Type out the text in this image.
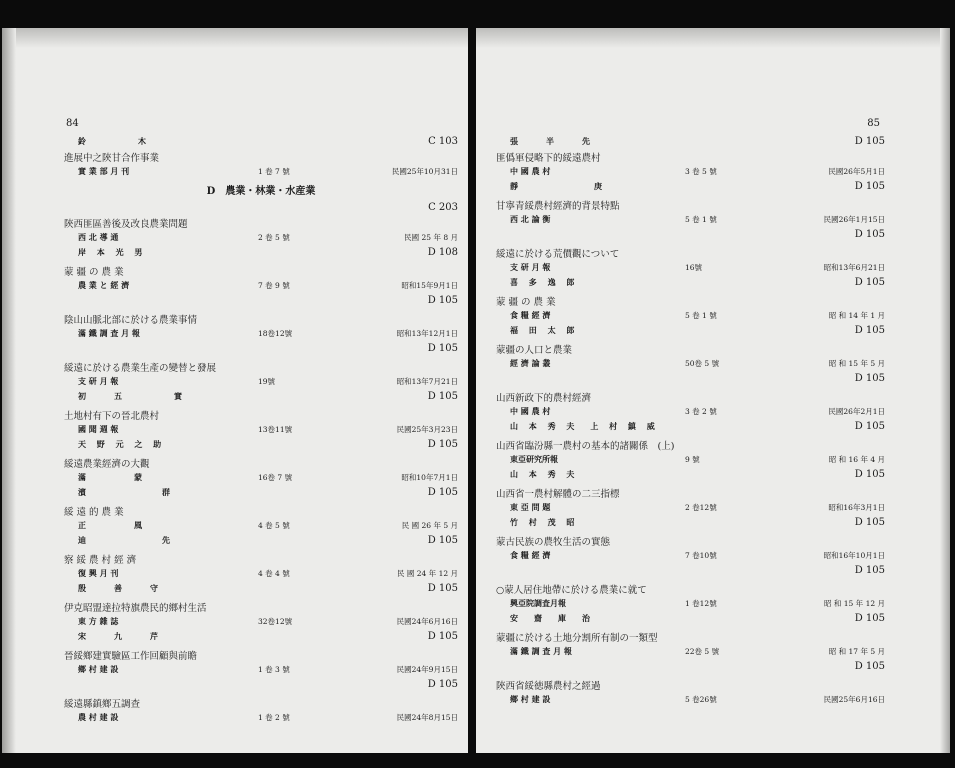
84
鈴　　　　木	C 103
進展中之陝甘合作事業
實 業 部 月 刊	1 卷 7 號	民國25年10月31日
D　農業・林業・水産業
C 203
陝西匪區善後及改良農業問題
西 北 導 通	2 卷 5 號	民國 25 年 8 月
岸 本 光 男	D 108
蒙 疆 の 農 業
農 業 と 經 濟	7 卷 9 號	昭和15年9月1日
D 105
陰山山脈北部に於ける農業事情
滿 鐵 調 査 月 報	18卷12號	昭和13年12月1日
D 105
綏遠に於ける農業生產の變替と發展
支 研 月 報	19號	昭和13年7月21日
初　　五　　　　實	D 105
土地村有下の晉北農村
國 聞 週 報	13卷11號	民國25年3月23日
天 野 元 之 助	D 105
綏遠農業經濟の大觀
滿　　　　　　蒙	16卷 7 號	昭和10年7月1日
濱　　　　　　群	D 105
綏 遠 的 農 業
正　　　　　　風	4 卷 5 號	民 國 26 年 5 月
迪　　　　　　先	D 105
察 綏 農 村 經 濟
復 興 月 刊	4 卷 4 號	民 國 24 年 12 月
殷　　善　　守	D 105
伊克昭盟達拉特旗農民的鄉村生活
東 方 雜 誌	32卷12號	民國24年6月16日
宋　　九　　芹	D 105
晉綏鄉建實驗區工作回顧與前瞻
鄉 村 建 設	1 卷 3 號	民國24年9月15日
D 105
綏遠縣鎮鄉五調查
農 村 建 設	1 卷 2 號	民國24年8月15日
85
張　　半　　先	D 105
匪僞軍侵略下的綏遠農村
中 國 農 村	3 卷 5 號	民國26年5月1日
靜　　　　　　庚	D 105
甘寧青綏農村經濟的背景特點
西 北 論 衡	5 卷 1 號	民國26年1月15日
D 105
綏遠に於ける荒價觀について
支 研 月 報	16號	昭和13年6月21日
喜 多 逸 郎	D 105
蒙 疆 の 農 業
食 糧 經 濟	5 卷 1 號	昭 和 14 年 1 月
福 田 太 郎	D 105
蒙疆の人口と農業
經 濟 論 叢	50卷 5 號	昭 和 15 年 5 月
D 105
山西新政下的農村經濟
中 國 農 村	3 卷 2 號	民國26年2月1日
山 本 秀 夫　上 村 鎮 威	D 105
山西省臨汾縣一農村の基本的諸關係　(上)
東亞研究所報	9 號	昭 和 16 年 4 月
山 本 秀 夫	D 105
山西省一農村解體の二三指標
東 亞 問 題	2 卷12號	昭和16年3月1日
竹 村 茂 昭	D 105
蒙古民族の農牧生活の實態
食 糧 經 濟	7 卷10號	昭和16年10月1日
D 105
○蒙人居住地帶に於ける農業に就て
興亞院調査月報	1 卷12號	昭 和 15 年 12 月
安　齋　庫　治	D 105
蒙疆に於ける土地分割所有制の一類型
滿 鐵 調 査 月 報	22卷 5 號	昭 和 17 年 5 月
D 105
陝西省綏徳縣農村之經過
鄉 村 建 設	5 卷26號	民國25年6月16日
